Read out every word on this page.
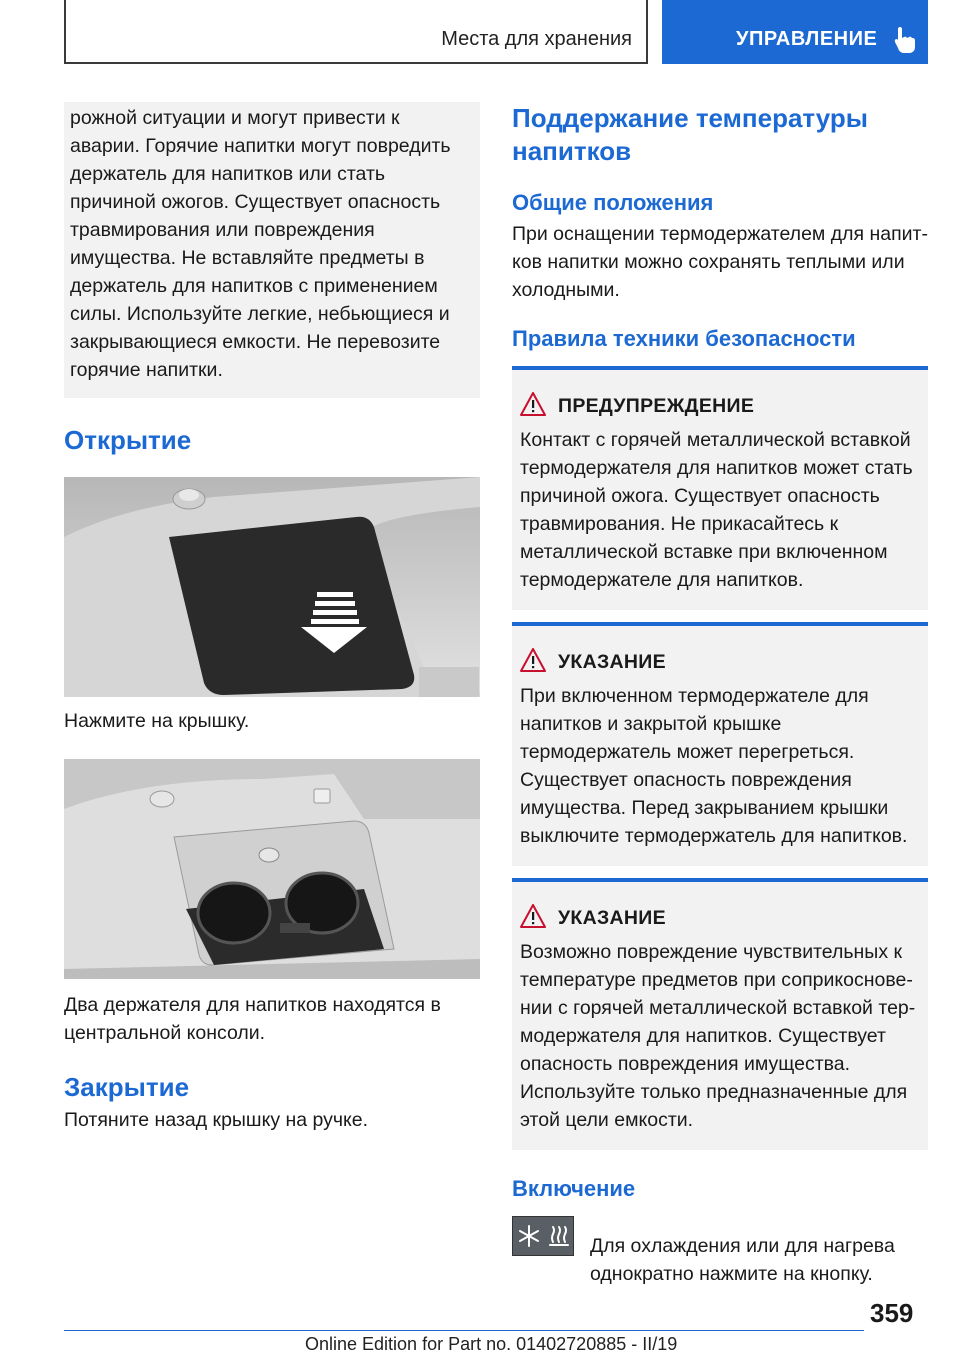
Места для хранения	УПРАВЛЕНИЕ

рожной ситуации и могут привести к аварии. Горячие напитки могут повредить держатель для напитков или стать причиной ожогов. Существует опасность травмирования или повреждения имущества. Не вставляйте предметы в держатель для напитков с применением силы. Используйте легкие, небьющиеся и закрывающиеся емкости. Не перевозите горячие напитки.

Открытие

Нажмите на крышку.

Два держателя для напитков находятся в центральной консоли.

Закрытие

Потяните назад крышку на ручке.

Поддержание температуры напитков
Общие положения

При оснащении термодержателем для напитков напитки можно сохранять теплыми или холодными.

Правила техники безопасности
ПРЕДУПРЕЖДЕНИЕ

Контакт с горячей металлической вставкой термодержателя для напитков может стать причиной ожога. Существует опасность травмирования. Не прикасайтесь к металлической вставке при включенном термодержателе для напитков.

УКАЗАНИЕ

При включенном термодержателе для напитков и закрытой крышке термодержатель может перегреться. Существует опасность повреждения имущества. Перед закрыванием крышки выключите термодержатель для напитков.

УКАЗАНИЕ

Возможно повреждение чувствительных к температуре предметов при соприкосновении с горячей металлической вставкой термодержателя для напитков. Существует опасность повреждения имущества. Используйте только предназначенные для этой цели емкости.

Включение

Для охлаждения или для нагрева однократно нажмите на кнопку.

359
Online Edition for Part no. 01402720885 - II/19
